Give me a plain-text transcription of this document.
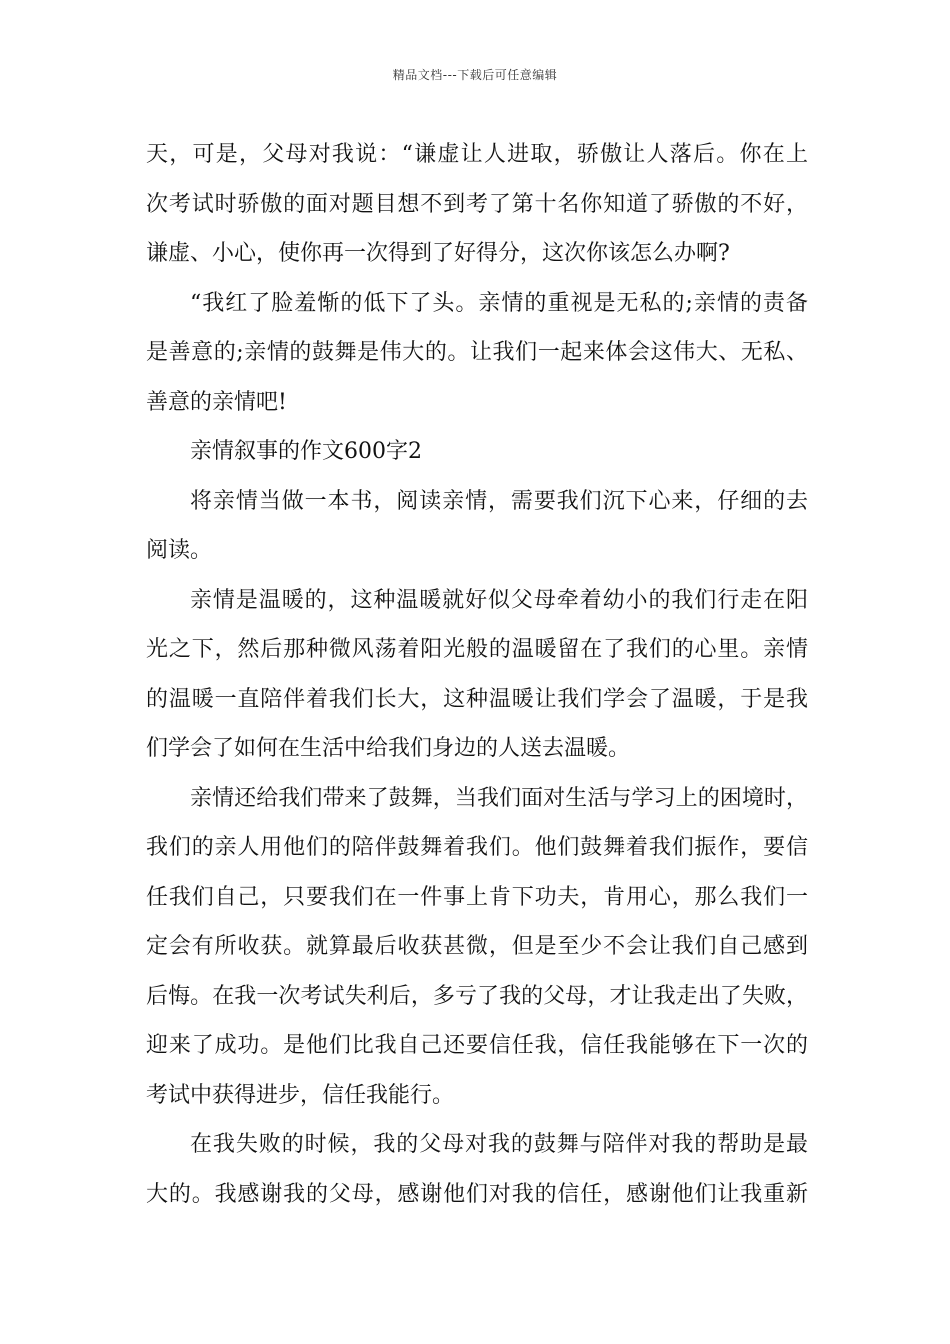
精品文档---下载后可任意编辑
天，可是，父母对我说：“谦虚让人进取，骄傲让人落后。你在上
次考试时骄傲的面对题目想不到考了第十名你知道了骄傲的不好，
谦虚、小心，使你再一次得到了好得分，这次你该怎么办啊?
“我红了脸羞惭的低下了头。亲情的重视是无私的;亲情的责备
是善意的;亲情的鼓舞是伟大的。让我们一起来体会这伟大、无私、
善意的亲情吧!
亲情叙事的作文600字2
将亲情当做一本书，阅读亲情，需要我们沉下心来，仔细的去
阅读。
亲情是温暖的，这种温暖就好似父母牵着幼小的我们行走在阳
光之下，然后那种微风荡着阳光般的温暖留在了我们的心里。亲情
的温暖一直陪伴着我们长大，这种温暖让我们学会了温暖，于是我
们学会了如何在生活中给我们身边的人送去温暖。
亲情还给我们带来了鼓舞，当我们面对生活与学习上的困境时，
我们的亲人用他们的陪伴鼓舞着我们。他们鼓舞着我们振作，要信
任我们自己，只要我们在一件事上肯下功夫，肯用心，那么我们一
定会有所收获。就算最后收获甚微，但是至少不会让我们自己感到
后悔。在我一次考试失利后，多亏了我的父母，才让我走出了失败，
迎来了成功。是他们比我自己还要信任我，信任我能够在下一次的
考试中获得进步，信任我能行。
在我失败的时候，我的父母对我的鼓舞与陪伴对我的帮助是最
大的。我感谢我的父母，感谢他们对我的信任，感谢他们让我重新
